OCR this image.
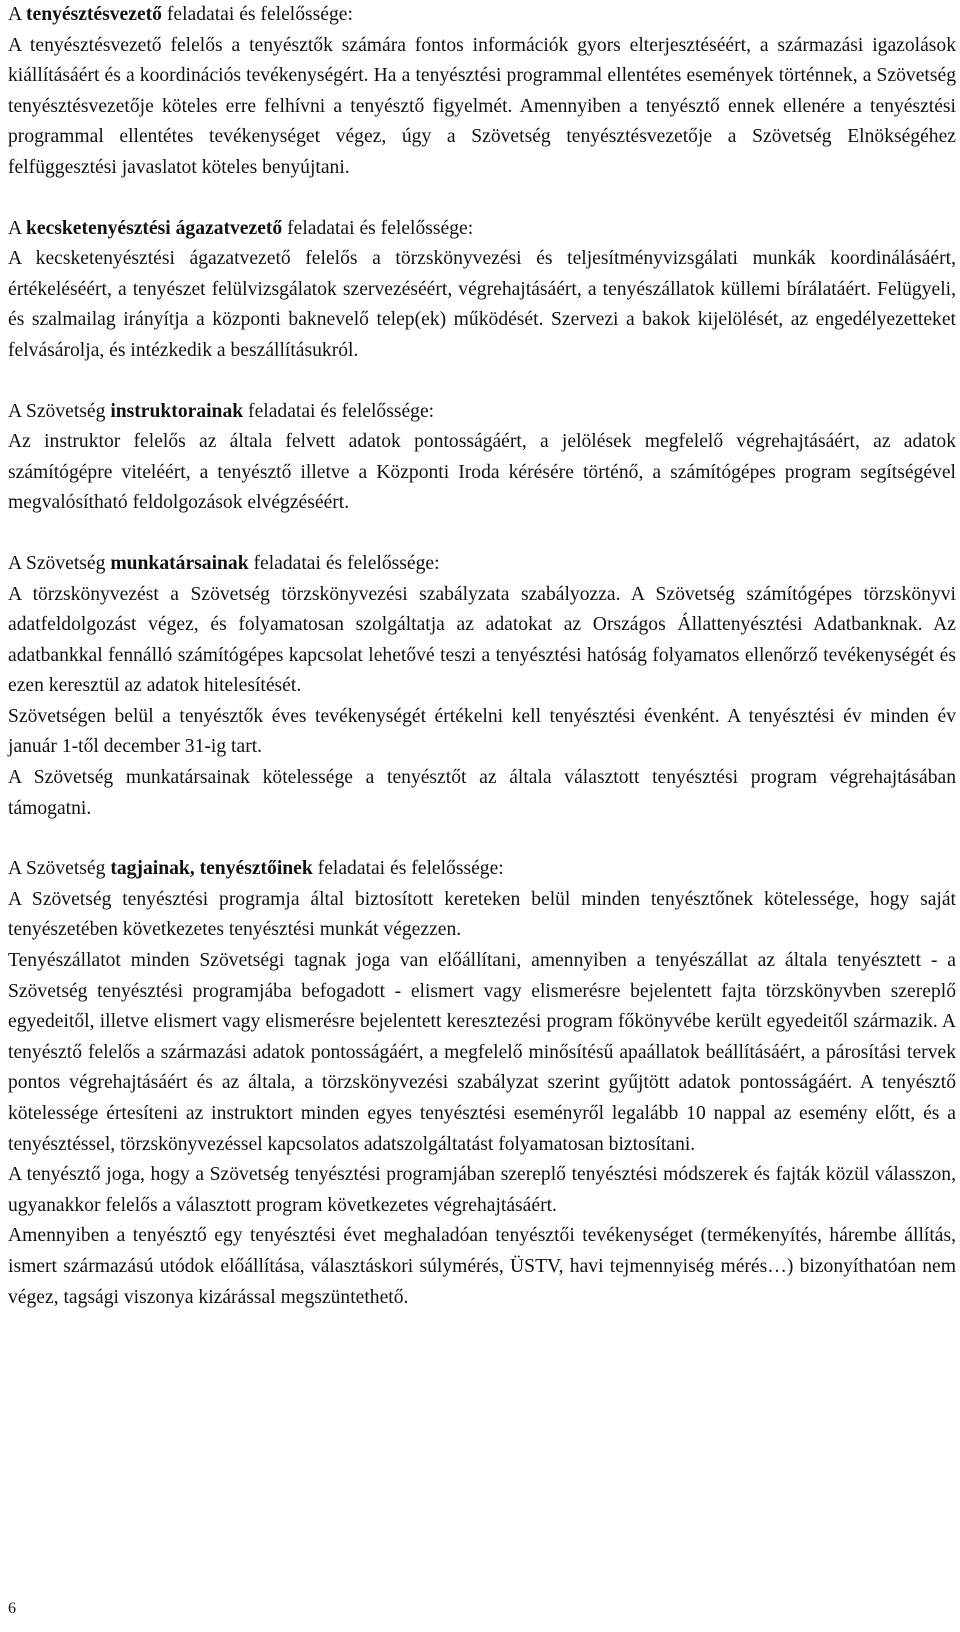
A tenyésztésvezető feladatai és felelőssége:

A tenyésztésvezető felelős a tenyésztők számára fontos információk gyors elterjesztéséért, a származási igazolások kiállításáért és a koordinációs tevékenységért. Ha a tenyésztési programmal ellentétes események történnek, a Szövetség tenyésztésvezetője köteles erre felhívni a tenyésztő figyelmét. Amennyiben a tenyésztő ennek ellenére a tenyésztési programmal ellentétes tevékenységet végez, úgy a Szövetség tenyésztésvezetője a Szövetség Elnökségéhez felfüggesztési javaslatot köteles benyújtani.

A kecsketenyésztési ágazatvezető feladatai és felelőssége:

A kecsketenyésztési ágazatvezető felelős a törzskönyvezési és teljesítményvizsgálati munkák koordinálásáért, értékeléséért, a tenyészet felülvizsgálatok szervezéséért, végrehajtásáért, a tenyészállatok küllemi bírálatáért. Felügyeli, és szalmailag irányítja a központi baknevelő telep(ek) működését. Szervezi a bakok kijelölését, az engedélyezetteket felvásárolja, és intézkedik a beszállításukról.

A Szövetség instruktorainak feladatai és felelőssége:

Az instruktor felelős az általa felvett adatok pontosságáért, a jelölések megfelelő végrehajtásáért, az adatok számítógépre viteléért, a tenyésztő illetve a Központi Iroda kérésére történő, a számítógépes program segítségével megvalósítható feldolgozások elvégzéséért.

A Szövetség munkatársainak feladatai és felelőssége:

A törzskönyvezést a Szövetség törzskönyvezési szabályzata szabályozza. A Szövetség számítógépes törzskönyvi adatfeldolgozást végez, és folyamatosan szolgáltatja az adatokat az Országos Állattenyésztési Adatbanknak. Az adatbankkal fennálló számítógépes kapcsolat lehetővé teszi a tenyésztési hatóság folyamatos ellenőrző tevékenységét és ezen keresztül az adatok hitelesítését.

Szövetségen belül a tenyésztők éves tevékenységét értékelni kell tenyésztési évenként. A tenyésztési év minden év január 1-től december 31-ig tart.

A Szövetség munkatársainak kötelessége a tenyésztőt az általa választott tenyésztési program végrehajtásában támogatni.

A Szövetség tagjainak, tenyésztőinek feladatai és felelőssége:

A Szövetség tenyésztési programja által biztosított kereteken belül minden tenyésztőnek kötelessége, hogy saját tenyészetében következetes tenyésztési munkát végezzen.

Tenyészállatot minden Szövetségi tagnak joga van előállítani, amennyiben a tenyészállat az általa tenyésztett - a Szövetség tenyésztési programjába befogadott - elismert vagy elismerésre bejelentett fajta törzskönyvben szereplő egyedeitől, illetve elismert vagy elismerésre bejelentett keresztezési program főkönyvébe került egyedeitől származik. A tenyésztő felelős a származási adatok pontosságáért, a megfelelő minősítésű apaállatok beállításáért, a párosítási tervek pontos végrehajtásáért és az általa, a törzskönyvezési szabályzat szerint gyűjtött adatok pontosságáért. A tenyésztő kötelessége értesíteni az instruktort minden egyes tenyésztési eseményről legalább 10 nappal az esemény előtt, és a tenyésztéssel, törzskönyvezéssel kapcsolatos adatszolgáltatást folyamatosan biztosítani.

A tenyésztő joga, hogy a Szövetség tenyésztési programjában szereplő tenyésztési módszerek és fajták közül válasszon, ugyanakkor felelős a választott program következetes végrehajtásáért.

Amennyiben a tenyésztő egy tenyésztési évet meghaladóan tenyésztői tevékenységet (termékenyítés, hárembe állítás, ismert származású utódok előállítása, választáskori súlymérés, ÜSTV, havi tejmennyiség mérés…) bizonyíthatóan nem végez, tagsági viszonya kizárással megszüntethető.

6
